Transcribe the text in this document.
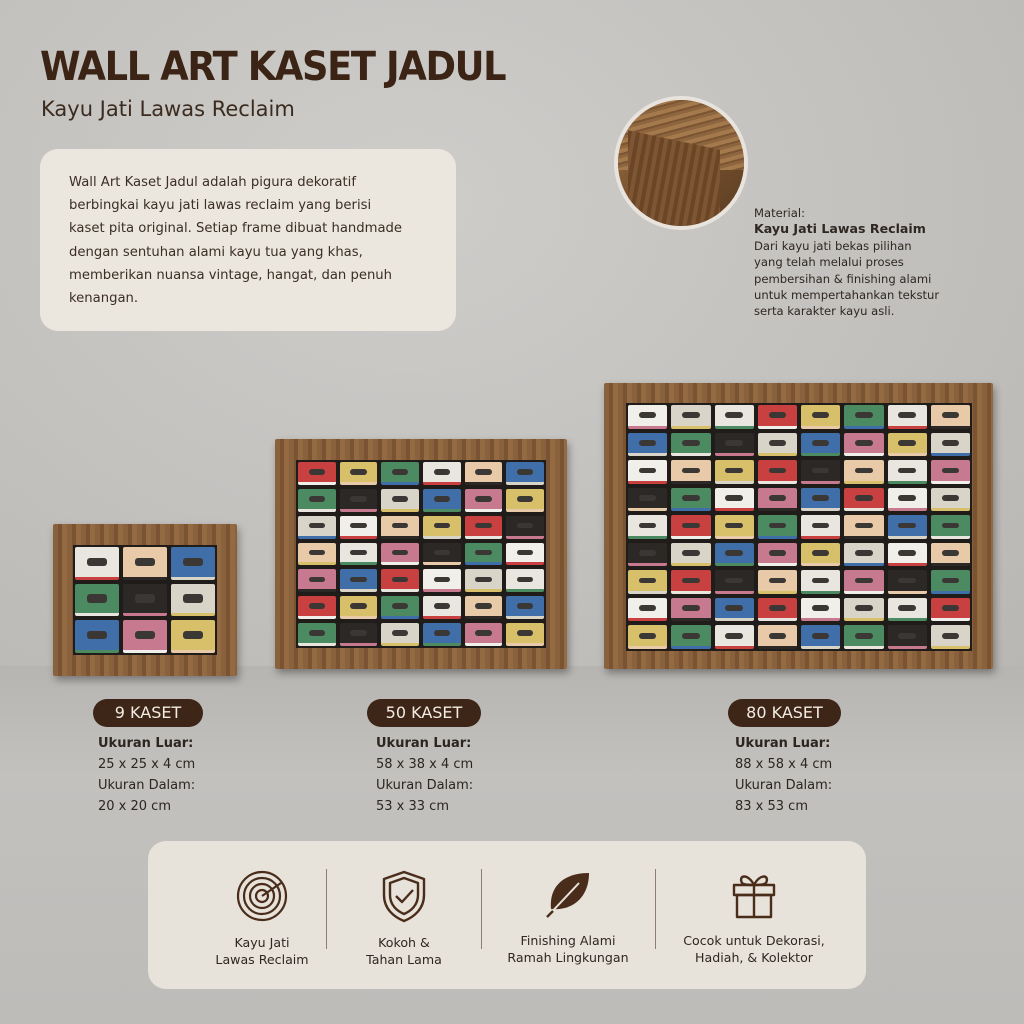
WALL ART KASET JADUL
Kayu Jati Lawas Reclaim
Wall Art Kaset Jadul adalah pigura dekoratif
berbingkai kayu jati lawas reclaim yang berisi
kaset pita original. Setiap frame dibuat handmade
dengan sentuhan alami kayu tua yang khas,
memberikan nuansa vintage, hangat, dan penuh
kenangan.
Material:
Kayu Jati Lawas Reclaim
Dari kayu jati bekas pilihan
yang telah melalui proses
pembersihan & finishing alami
untuk mempertahankan tekstur
serta karakter kayu asli.
9 KASET
Ukuran Luar:
25 x 25 x 4 cm
Ukuran Dalam:
20 x 20 cm
50 KASET
Ukuran Luar:
58 x 38 x 4 cm
Ukuran Dalam:
53 x 33 cm
80 KASET
Ukuran Luar:
88 x 58 x 4 cm
Ukuran Dalam:
83 x 53 cm
Kayu Jati
Lawas Reclaim
Kokoh &
Tahan Lama
Finishing Alami
Ramah Lingkungan
Cocok untuk Dekorasi,
Hadiah, & Kolektor
